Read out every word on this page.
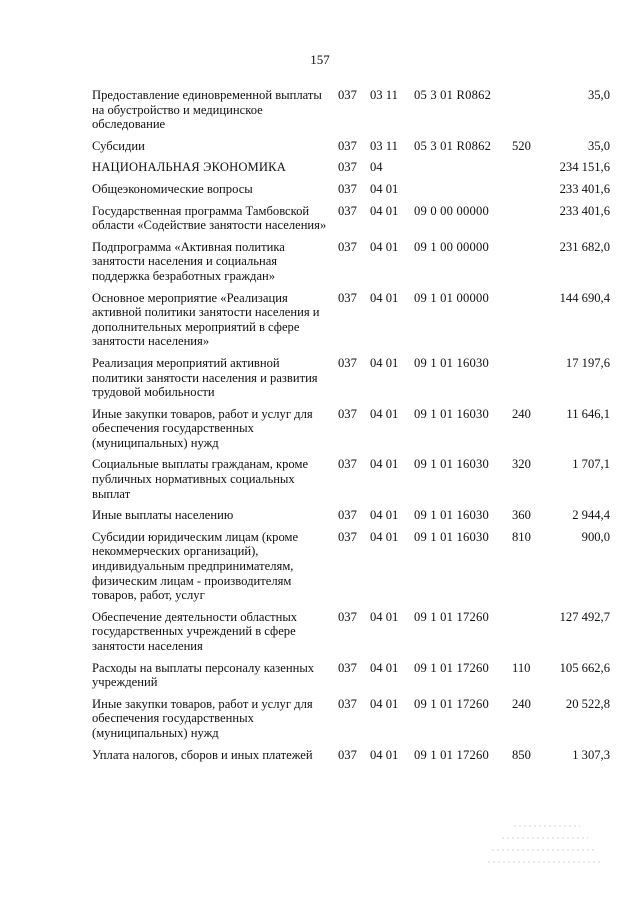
157
Предоставление единовременной выплаты на обустройство и медицинское обследование	037	03 11	05 3 01 R0862		35,0
Субсидии	037	03 11	05 3 01 R0862	520	35,0
НАЦИОНАЛЬНАЯ ЭКОНОМИКА	037	04			234 151,6
Общеэкономические вопросы	037	04 01			233 401,6
Государственная программа Тамбовской области «Содействие занятости населения»	037	04 01	09 0 00 00000		233 401,6
Подпрограмма «Активная политика занятости населения и социальная поддержка безработных граждан»	037	04 01	09 1 00 00000		231 682,0
Основное мероприятие «Реализация активной политики занятости населения и дополнительных мероприятий в сфере занятости населения»	037	04 01	09 1 01 00000		144 690,4
Реализация мероприятий активной политики занятости населения и развития трудовой мобильности	037	04 01	09 1 01 16030		17 197,6
Иные закупки товаров, работ и услуг для обеспечения государственных (муниципальных) нужд	037	04 01	09 1 01 16030	240	11 646,1
Социальные выплаты гражданам, кроме публичных нормативных социальных выплат	037	04 01	09 1 01 16030	320	1 707,1
Иные выплаты населению	037	04 01	09 1 01 16030	360	2 944,4
Субсидии юридическим лицам (кроме некоммерческих организаций), индивидуальным предпринимателям, физическим лицам - производителям товаров, работ, услуг	037	04 01	09 1 01 16030	810	900,0
Обеспечение деятельности областных государственных учреждений в сфере занятости населения	037	04 01	09 1 01 17260		127 492,7
Расходы на выплаты персоналу казенных учреждений	037	04 01	09 1 01 17260	110	105 662,6
Иные закупки товаров, работ и услуг для обеспечения государственных (муниципальных) нужд	037	04 01	09 1 01 17260	240	20 522,8
Уплата налогов, сборов и иных платежей	037	04 01	09 1 01 17260	850	1 307,3
